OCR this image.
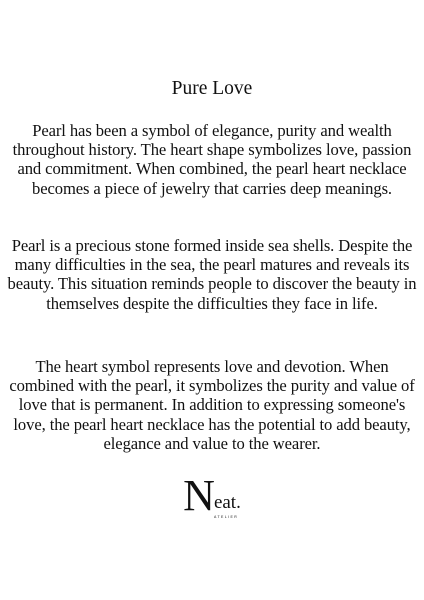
Pure Love

Pearl has been a symbol of elegance, purity and wealth throughout history. The heart shape symbolizes love, passion and commitment. When combined, the pearl heart necklace becomes a piece of jewelry that carries deep meanings.

Pearl is a precious stone formed inside sea shells. Despite the many difficulties in the sea, the pearl matures and reveals its beauty. This situation reminds people to discover the beauty in themselves despite the difficulties they face in life.

The heart symbol represents love and devotion. When combined with the pearl, it symbolizes the purity and value of love that is permanent. In addition to expressing someone's love, the pearl heart necklace has the potential to add beauty, elegance and value to the wearer.

Neat.
ATELIER
